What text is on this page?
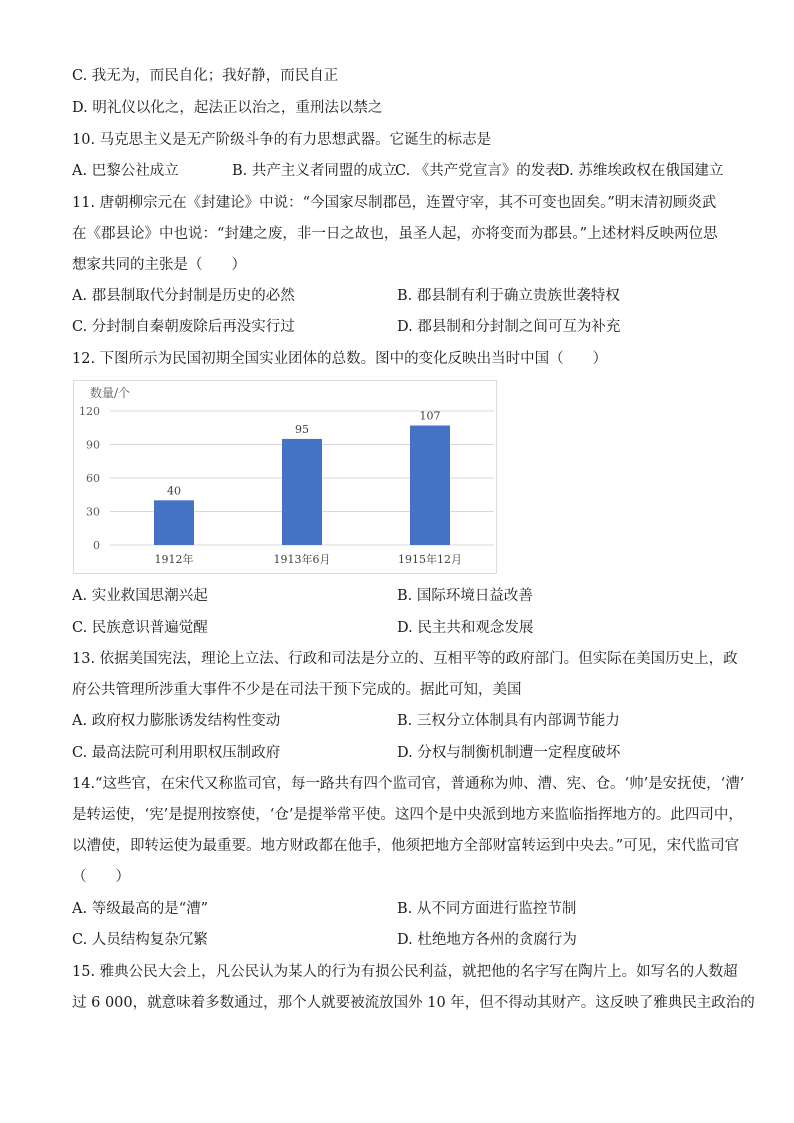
C. 我无为，而民自化；我好静，而民自正
D. 明礼仪以化之，起法正以治之，重刑法以禁之
10. 马克思主义是无产阶级斗争的有力思想武器。它诞生的标志是
A. 巴黎公社成立	B. 共产主义者同盟的成立
C. 《共产党宣言》的发表
D. 苏维埃政权在俄国建立
11. 唐朝柳宗元在《封建论》中说：“今国家尽制郡邑，连置守宰，其不可变也固矣。”明末清初顾炎武
在《郡县论》中也说：“封建之废，非一日之故也，虽圣人起，亦将变而为郡县。”上述材料反映两位思
想家共同的主张是（　　）
A. 郡县制取代分封制是历史的必然	B. 郡县制有利于确立贵族世袭特权
C. 分封制自秦朝废除后再没实行过	D. 郡县制和分封制之间可互为补充
12. 下图所示为民国初期全国实业团体的总数。图中的变化反映出当时中国（　　）
数量/个
0
30
60
90
120
40
95
107
1912年	1913年6月	1915年12月
A. 实业救国思潮兴起	B. 国际环境日益改善
C. 民族意识普遍觉醒	D. 民主共和观念发展
13. 依据美国宪法，理论上立法、行政和司法是分立的、互相平等的政府部门。但实际在美国历史上，政
府公共管理所涉重大事件不少是在司法干预下完成的。据此可知，美国
A. 政府权力膨胀诱发结构性变动	B. 三权分立体制具有内部调节能力
C. 最高法院可利用职权压制政府	D. 分权与制衡机制遭一定程度破坏
14.“这些官，在宋代又称监司官，每一路共有四个监司官，普通称为帅、漕、宪、仓。‘帅’是安抚使，‘漕’
是转运使，‘宪’是提刑按察使，‘仓’是提举常平使。这四个是中央派到地方来监临指挥地方的。此四司中，
以漕使，即转运使为最重要。地方财政都在他手，他须把地方全部财富转运到中央去。”可见，宋代监司官
（　　）
A. 等级最高的是“漕”	B. 从不同方面进行监控节制
C. 人员结构复杂冗繁	D. 杜绝地方各州的贪腐行为
15. 雅典公民大会上，凡公民认为某人的行为有损公民利益，就把他的名字写在陶片上。如写名的人数超
过 6 000，就意味着多数通过，那个人就要被流放国外 10 年，但不得动其财产。这反映了雅典民主政治的
